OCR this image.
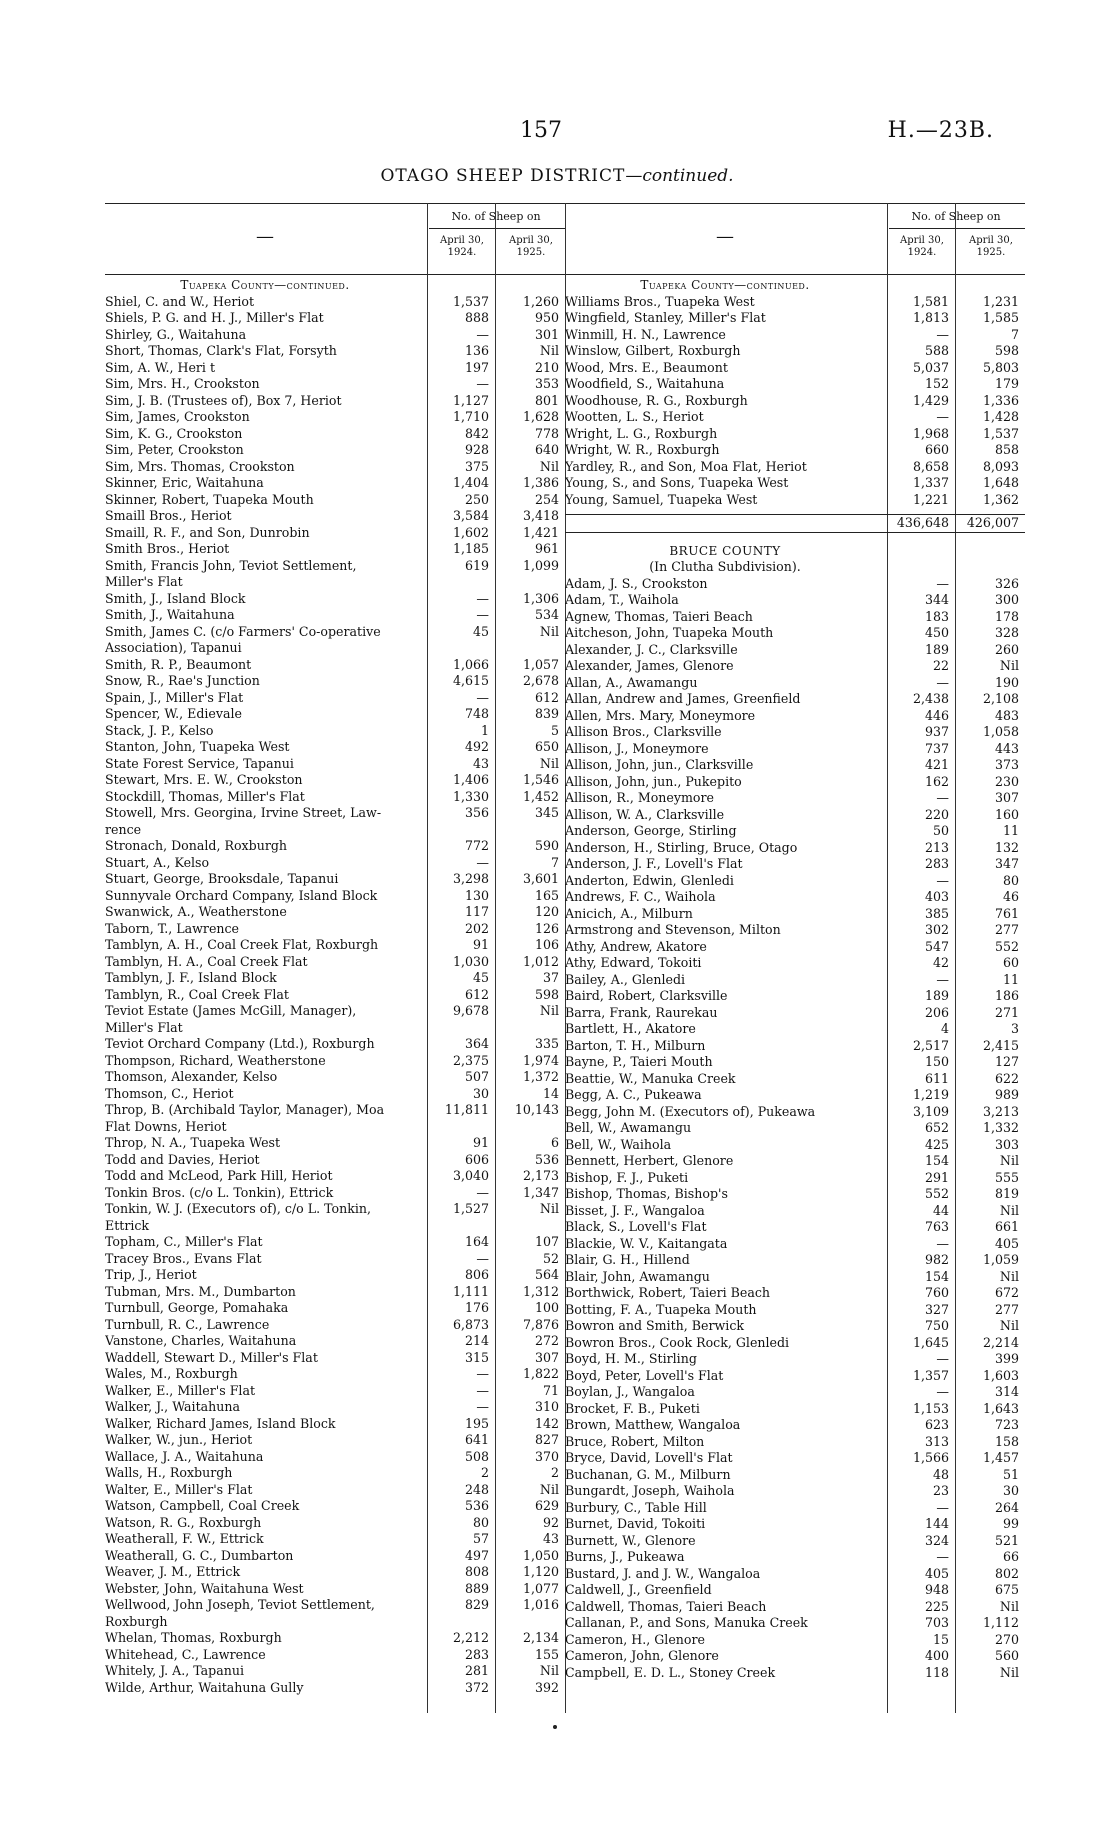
157	H.—23B.
OTAGO SHEEP DISTRICT—continued.
—
No. of Sheep on
April 30,
1924.
April 30,
1925.
Tuapeka County—continued.
Shiel, C. and W., Heriot	1,537	1,260
Shiels, P. G. and H. J., Miller's Flat	888	950
Shirley, G., Waitahuna	—	301
Short, Thomas, Clark's Flat, Forsyth	136	Nil
Sim, A. W., Heri t	197	210
Sim, Mrs. H., Crookston	—	353
Sim, J. B. (Trustees of), Box 7, Heriot	1,127	801
Sim, James, Crookston	1,710	1,628
Sim, K. G., Crookston	842	778
Sim, Peter, Crookston	928	640
Sim, Mrs. Thomas, Crookston	375	Nil
Skinner, Eric, Waitahuna	1,404	1,386
Skinner, Robert, Tuapeka Mouth	250	254
Smaill Bros., Heriot	3,584	3,418
Smaill, R. F., and Son, Dunrobin	1,602	1,421
Smith Bros., Heriot	1,185	961
Smith, Francis John, Teviot Settlement,	619	1,099
Miller's Flat
Smith, J., Island Block	—	1,306
Smith, J., Waitahuna	—	534
Smith, James C. (c/o Farmers' Co-operative	45	Nil
Association), Tapanui
Smith, R. P., Beaumont	1,066	1,057
Snow, R., Rae's Junction	4,615	2,678
Spain, J., Miller's Flat	—	612
Spencer, W., Edievale	748	839
Stack, J. P., Kelso	1	5
Stanton, John, Tuapeka West	492	650
State Forest Service, Tapanui	43	Nil
Stewart, Mrs. E. W., Crookston	1,406	1,546
Stockdill, Thomas, Miller's Flat	1,330	1,452
Stowell, Mrs. Georgina, Irvine Street, Law-	356	345
rence
Stronach, Donald, Roxburgh	772	590
Stuart, A., Kelso	—	7
Stuart, George, Brooksdale, Tapanui	3,298	3,601
Sunnyvale Orchard Company, Island Block	130	165
Swanwick, A., Weatherstone	117	120
Taborn, T., Lawrence	202	126
Tamblyn, A. H., Coal Creek Flat, Roxburgh	91	106
Tamblyn, H. A., Coal Creek Flat	1,030	1,012
Tamblyn, J. F., Island Block	45	37
Tamblyn, R., Coal Creek Flat	612	598
Teviot Estate (James McGill, Manager),	9,678	Nil
Miller's Flat
Teviot Orchard Company (Ltd.), Roxburgh	364	335
Thompson, Richard, Weatherstone	2,375	1,974
Thomson, Alexander, Kelso	507	1,372
Thomson, C., Heriot	30	14
Throp, B. (Archibald Taylor, Manager), Moa	11,811	10,143
Flat Downs, Heriot
Throp, N. A., Tuapeka West	91	6
Todd and Davies, Heriot	606	536
Todd and McLeod, Park Hill, Heriot	3,040	2,173
Tonkin Bros. (c/o L. Tonkin), Ettrick	—	1,347
Tonkin, W. J. (Executors of), c/o L. Tonkin,	1,527	Nil
Ettrick
Topham, C., Miller's Flat	164	107
Tracey Bros., Evans Flat	—	52
Trip, J., Heriot	806	564
Tubman, Mrs. M., Dumbarton	1,111	1,312
Turnbull, George, Pomahaka	176	100
Turnbull, R. C., Lawrence	6,873	7,876
Vanstone, Charles, Waitahuna	214	272
Waddell, Stewart D., Miller's Flat	315	307
Wales, M., Roxburgh	—	1,822
Walker, E., Miller's Flat	—	71
Walker, J., Waitahuna	—	310
Walker, Richard James, Island Block	195	142
Walker, W., jun., Heriot	641	827
Wallace, J. A., Waitahuna	508	370
Walls, H., Roxburgh	2	2
Walter, E., Miller's Flat	248	Nil
Watson, Campbell, Coal Creek	536	629
Watson, R. G., Roxburgh	80	92
Weatherall, F. W., Ettrick	57	43
Weatherall, G. C., Dumbarton	497	1,050
Weaver, J. M., Ettrick	808	1,120
Webster, John, Waitahuna West	889	1,077
Wellwood, John Joseph, Teviot Settlement,	829	1,016
Roxburgh
Whelan, Thomas, Roxburgh	2,212	2,134
Whitehead, C., Lawrence	283	155
Whitely, J. A., Tapanui	281	Nil
Wilde, Arthur, Waitahuna Gully	372	392
—
No. of Sheep on
April 30,
1924.
April 30,
1925.
Tuapeka County—continued.
Williams Bros., Tuapeka West	1,581	1,231
Wingfield, Stanley, Miller's Flat	1,813	1,585
Winmill, H. N., Lawrence	—	7
Winslow, Gilbert, Roxburgh	588	598
Wood, Mrs. E., Beaumont	5,037	5,803
Woodfield, S., Waitahuna	152	179
Woodhouse, R. G., Roxburgh	1,429	1,336
Wootten, L. S., Heriot	—	1,428
Wright, L. G., Roxburgh	1,968	1,537
Wright, W. R., Roxburgh	660	858
Yardley, R., and Son, Moa Flat, Heriot	8,658	8,093
Young, S., and Sons, Tuapeka West	1,337	1,648
Young, Samuel, Tuapeka West	1,221	1,362
436,648	426,007
BRUCE COUNTY
(In Clutha Subdivision).
Adam, J. S., Crookston	—	326
Adam, T., Waihola	344	300
Agnew, Thomas, Taieri Beach	183	178
Aitcheson, John, Tuapeka Mouth	450	328
Alexander, J. C., Clarksville	189	260
Alexander, James, Glenore	22	Nil
Allan, A., Awamangu	—	190
Allan, Andrew and James, Greenfield	2,438	2,108
Allen, Mrs. Mary, Moneymore	446	483
Allison Bros., Clarksville	937	1,058
Allison, J., Moneymore	737	443
Allison, John, jun., Clarksville	421	373
Allison, John, jun., Pukepito	162	230
Allison, R., Moneymore	—	307
Allison, W. A., Clarksville	220	160
Anderson, George, Stirling	50	11
Anderson, H., Stirling, Bruce, Otago	213	132
Anderson, J. F., Lovell's Flat	283	347
Anderton, Edwin, Glenledi	—	80
Andrews, F. C., Waihola	403	46
Anicich, A., Milburn	385	761
Armstrong and Stevenson, Milton	302	277
Athy, Andrew, Akatore	547	552
Athy, Edward, Tokoiti	42	60
Bailey, A., Glenledi	—	11
Baird, Robert, Clarksville	189	186
Barra, Frank, Raurekau	206	271
Bartlett, H., Akatore	4	3
Barton, T. H., Milburn	2,517	2,415
Bayne, P., Taieri Mouth	150	127
Beattie, W., Manuka Creek	611	622
Begg, A. C., Pukeawa	1,219	989
Begg, John M. (Executors of), Pukeawa	3,109	3,213
Bell, W., Awamangu	652	1,332
Bell, W., Waihola	425	303
Bennett, Herbert, Glenore	154	Nil
Bishop, F. J., Puketi	291	555
Bishop, Thomas, Bishop's	552	819
Bisset, J. F., Wangaloa	44	Nil
Black, S., Lovell's Flat	763	661
Blackie, W. V., Kaitangata	—	405
Blair, G. H., Hillend	982	1,059
Blair, John, Awamangu	154	Nil
Borthwick, Robert, Taieri Beach	760	672
Botting, F. A., Tuapeka Mouth	327	277
Bowron and Smith, Berwick	750	Nil
Bowron Bros., Cook Rock, Glenledi	1,645	2,214
Boyd, H. M., Stirling	—	399
Boyd, Peter, Lovell's Flat	1,357	1,603
Boylan, J., Wangaloa	—	314
Brocket, F. B., Puketi	1,153	1,643
Brown, Matthew, Wangaloa	623	723
Bruce, Robert, Milton	313	158
Bryce, David, Lovell's Flat	1,566	1,457
Buchanan, G. M., Milburn	48	51
Bungardt, Joseph, Waihola	23	30
Burbury, C., Table Hill	—	264
Burnet, David, Tokoiti	144	99
Burnett, W., Glenore	324	521
Burns, J., Pukeawa	—	66
Bustard, J. and J. W., Wangaloa	405	802
Caldwell, J., Greenfield	948	675
Caldwell, Thomas, Taieri Beach	225	Nil
Callanan, P., and Sons, Manuka Creek	703	1,112
Cameron, H., Glenore	15	270
Cameron, John, Glenore	400	560
Campbell, E. D. L., Stoney Creek	118	Nil
